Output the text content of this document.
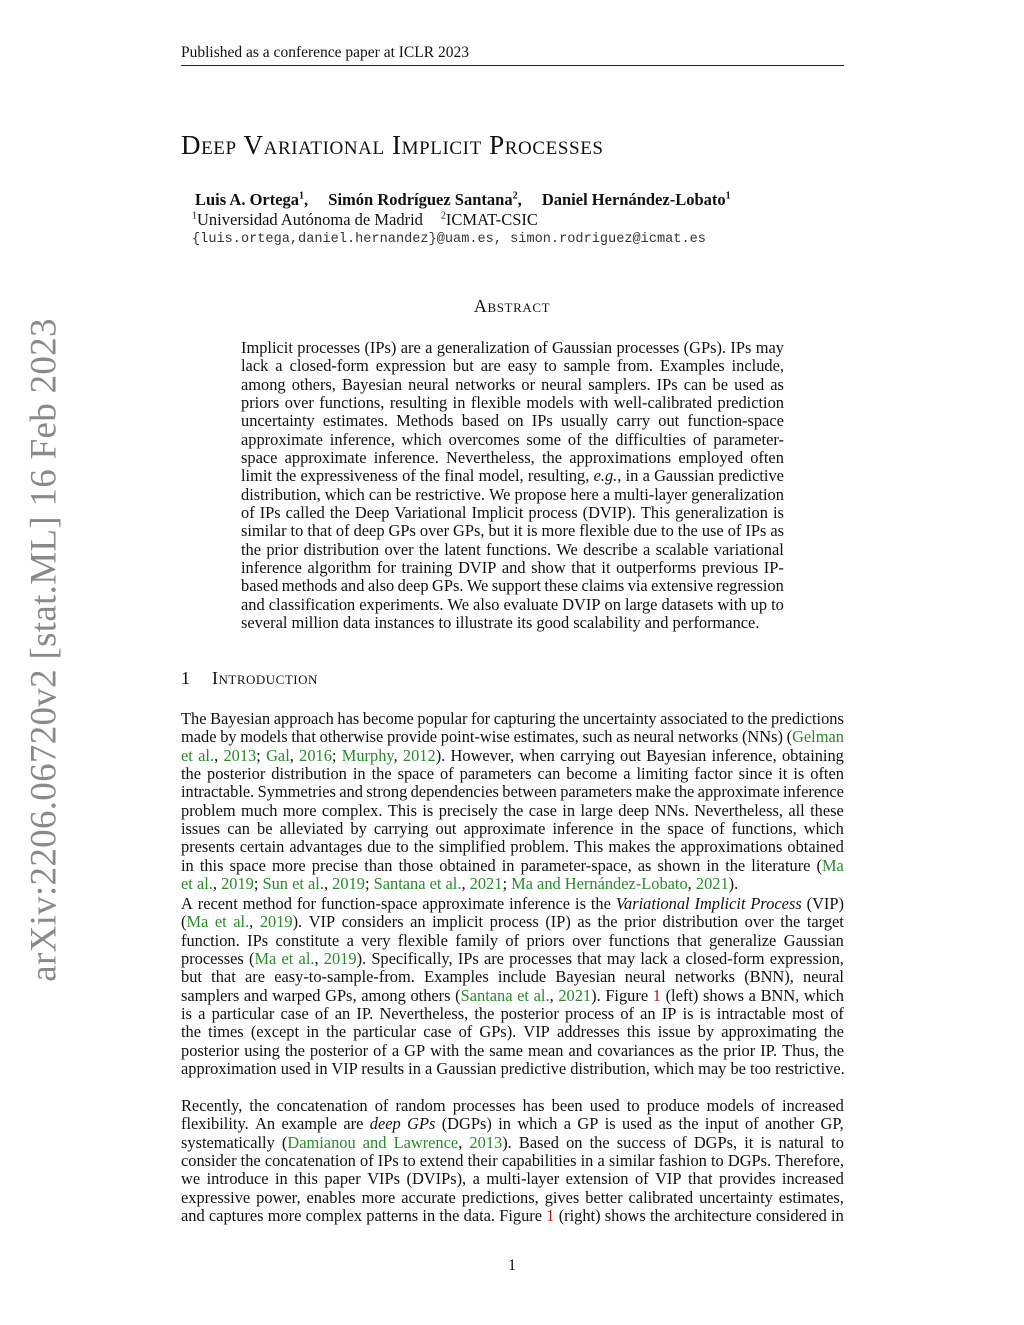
arXiv:2206.06720v2 [stat.ML] 16 Feb 2023
Published as a conference paper at ICLR 2023
Deep Variational Implicit Processes
Luis A. Ortega$^1$, Simón Rodríguez Santana$^2$, Daniel Hernández-Lobato$^1$
$^1$Universidad Autónoma de Madrid $^2$ICMAT-CSIC
{luis.ortega,daniel.hernandez}@uam.es, simon.rodriguez@icmat.es
Abstract
Implicit processes (IPs) are a generalization of Gaussian processes (GPs). IPs may
lack a closed-form expression but are easy to sample from. Examples include,
among others, Bayesian neural networks or neural samplers. IPs can be used as
priors over functions, resulting in flexible models with well-calibrated prediction
uncertainty estimates. Methods based on IPs usually carry out function-space
approximate inference, which overcomes some of the difficulties of parameter-
space approximate inference. Nevertheless, the approximations employed often
limit the expressiveness of the final model, resulting, e.g., in a Gaussian predictive
distribution, which can be restrictive. We propose here a multi-layer generalization
of IPs called the Deep Variational Implicit process (DVIP). This generalization is
similar to that of deep GPs over GPs, but it is more flexible due to the use of IPs as
the prior distribution over the latent functions. We describe a scalable variational
inference algorithm for training DVIP and show that it outperforms previous IP-
based methods and also deep GPs. We support these claims via extensive regression
and classification experiments. We also evaluate DVIP on large datasets with up to
several million data instances to illustrate its good scalability and performance.
1 Introduction
The Bayesian approach has become popular for capturing the uncertainty associated to the predictions
made by models that otherwise provide point-wise estimates, such as neural networks (NNs) (Gelman
et al., 2013; Gal, 2016; Murphy, 2012). However, when carrying out Bayesian inference, obtaining
the posterior distribution in the space of parameters can become a limiting factor since it is often
intractable. Symmetries and strong dependencies between parameters make the approximate inference
problem much more complex. This is precisely the case in large deep NNs. Nevertheless, all these
issues can be alleviated by carrying out approximate inference in the space of functions, which
presents certain advantages due to the simplified problem. This makes the approximations obtained
in this space more precise than those obtained in parameter-space, as shown in the literature (Ma
et al. , 2019 ; Sun et al. , 2019 ; Santana et al. , 2021 ; Ma and Hernández-Lobato , 2021 ).
A recent method for function-space approximate inference is the Variational Implicit Process (VIP)
(Ma et al., 2019). VIP considers an implicit process (IP) as the prior distribution over the target
function. IPs constitute a very flexible family of priors over functions that generalize Gaussian
processes (Ma et al., 2019). Specifically, IPs are processes that may lack a closed-form expression,
but that are easy-to-sample-from. Examples include Bayesian neural networks (BNN), neural
samplers and warped GPs, among others (Santana et al., 2021). Figure 1 (left) shows a BNN, which
is a particular case of an IP. Nevertheless, the posterior process of an IP is is intractable most of
the times (except in the particular case of GPs). VIP addresses this issue by approximating the
posterior using the posterior of a GP with the same mean and covariances as the prior IP. Thus, the
approximation used in VIP results in a Gaussian predictive distribution, which may be too restrictive.
Recently, the concatenation of random processes has been used to produce models of increased
flexibility. An example are deep GPs (DGPs) in which a GP is used as the input of another GP,
systematically (Damianou and Lawrence, 2013). Based on the success of DGPs, it is natural to
consider the concatenation of IPs to extend their capabilities in a similar fashion to DGPs. Therefore,
we introduce in this paper VIPs (DVIPs), a multi-layer extension of VIP that provides increased
expressive power, enables more accurate predictions, gives better calibrated uncertainty estimates,
and captures more complex patterns in the data. Figure 1 (right) shows the architecture considered in
1
